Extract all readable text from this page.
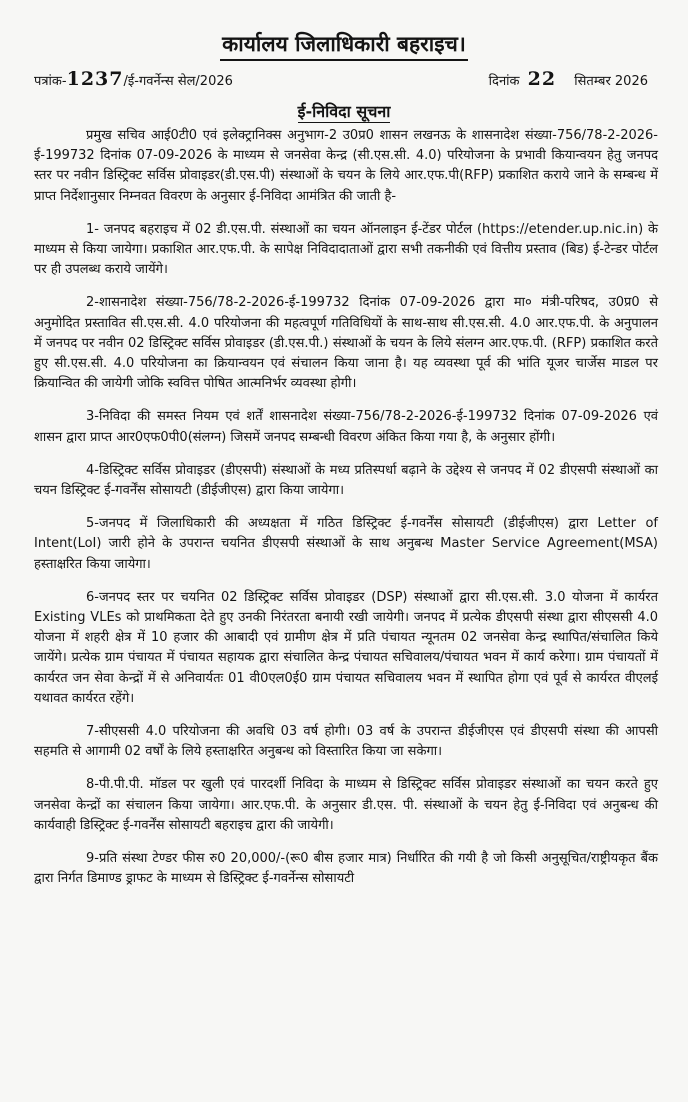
कार्यालय जिलाधिकारी बहराइच।
पत्रांक-1237/ई-गवर्नेन्स सेल/2026	दिनांक 22 सितम्बर 2026
ई-निविदा सूचना

प्रमुख सचिव आई0टी0 एवं इलेक्ट्रानिक्स अनुभाग-2 उ0प्र0 शासन लखनऊ के शासनादेश संख्या-756/78-2-2026-ई-199732 दिनांक 07-09-2026 के माध्यम से जनसेवा केन्द्र (सी.एस.सी. 4.0) परियोजना के प्रभावी कियान्वयन हेतु जनपद स्तर पर नवीन डिस्ट्रिक्ट सर्विस प्रोवाइडर(डी.एस.पी) संस्थाओं के चयन के लिये आर.एफ.पी(RFP) प्रकाशित कराये जाने के सम्बन्ध में प्राप्त निर्देशानुसार निम्नवत विवरण के अनुसार ई-निविदा आमंत्रित की जाती है-

1- जनपद बहराइच में 02 डी.एस.पी. संस्थाओं का चयन ऑनलाइन ई-टेंडर पोर्टल (https://etender.up.nic.in) के माध्यम से किया जायेगा। प्रकाशित आर.एफ.पी. के सापेक्ष निविदादाताओं द्वारा सभी तकनीकी एवं वित्तीय प्रस्ताव (बिड) ई-टेन्डर पोर्टल पर ही उपलब्ध कराये जायेंगे।

2-शासनादेश संख्या-756/78-2-2026-ई-199732 दिनांक 07-09-2026 द्वारा मा० मंत्री-परिषद, उ0प्र0 से अनुमोदित प्रस्तावित सी.एस.सी. 4.0 परियोजना की महत्वपूर्ण गतिविधियों के साथ-साथ सी.एस.सी. 4.0 आर.एफ.पी. के अनुपालन में जनपद पर नवीन 02 डिस्ट्रिक्ट सर्विस प्रोवाइडर (डी.एस.पी.) संस्थाओं के चयन के लिये संलग्न आर.एफ.पी. (RFP) प्रकाशित करते हुए सी.एस.सी. 4.0 परियोजना का क्रियान्वयन एवं संचालन किया जाना है। यह व्यवस्था पूर्व की भांति यूजर चार्जेस माडल पर क्रियान्वित की जायेगी जोकि स्ववित्त पोषित आत्मनिर्भर व्यवस्था होगी।

3-निविदा की समस्त नियम एवं शर्तें शासनादेश संख्या-756/78-2-2026-ई-199732 दिनांक 07-09-2026 एवं शासन द्वारा प्राप्त आर0एफ0पी0(संलग्न) जिसमें जनपद सम्बन्धी विवरण अंकित किया गया है, के अनुसार होंगी।

4-डिस्ट्रिक्ट सर्विस प्रोवाइडर (डीएसपी) संस्थाओं के मध्य प्रतिस्पर्धा बढ़ाने के उद्देश्य से जनपद में 02 डीएसपी संस्थाओं का चयन डिस्ट्रिक्ट ई-गवर्नेंस सोसायटी (डीईजीएस) द्वारा किया जायेगा।

5-जनपद में जिलाधिकारी की अध्यक्षता में गठित डिस्ट्रिक्ट ई-गवर्नेंस सोसायटी (डीईजीएस) द्वारा Letter of Intent(LoI) जारी होने के उपरान्त चयनित डीएसपी संस्थाओं के साथ अनुबन्ध Master Service Agreement(MSA) हस्ताक्षरित किया जायेगा।

6-जनपद स्तर पर चयनित 02 डिस्ट्रिक्ट सर्विस प्रोवाइडर (DSP) संस्थाओं द्वारा सी.एस.सी. 3.0 योजना में कार्यरत Existing VLEs को प्राथमिकता देते हुए उनकी निरंतरता बनायी रखी जायेगी। जनपद में प्रत्येक डीएसपी संस्था द्वारा सीएससी 4.0 योजना में शहरी क्षेत्र में 10 हजार की आबादी एवं ग्रामीण क्षेत्र में प्रति पंचायत न्यूनतम 02 जनसेवा केन्द्र स्थापित/संचालित किये जायेंगे। प्रत्येक ग्राम पंचायत में पंचायत सहायक द्वारा संचालित केन्द्र पंचायत सचिवालय/पंचायत भवन में कार्य करेगा। ग्राम पंचायतों में कार्यरत जन सेवा केन्द्रों में से अनिवार्यतः 01 वी0एल0ई0 ग्राम पंचायत सचिवालय भवन में स्थापित होगा एवं पूर्व से कार्यरत वीएलई यथावत कार्यरत रहेंगे।

7-सीएससी 4.0 परियोजना की अवधि 03 वर्ष होगी। 03 वर्ष के उपरान्त डीईजीएस एवं डीएसपी संस्था की आपसी सहमति से आगामी 02 वर्षों के लिये हस्ताक्षरित अनुबन्ध को विस्तारित किया जा सकेगा।

8-पी.पी.पी. मॉडल पर खुली एवं पारदर्शी निविदा के माध्यम से डिस्ट्रिक्ट सर्विस प्रोवाइडर संस्थाओं का चयन करते हुए जनसेवा केन्द्रों का संचालन किया जायेगा। आर.एफ.पी. के अनुसार डी.एस. पी. संस्थाओं के चयन हेतु ई-निविदा एवं अनुबन्ध की कार्यवाही डिस्ट्रिक्ट ई-गवर्नेंस सोसायटी बहराइच द्वारा की जायेगी।

9-प्रति संस्था टेण्डर फीस रु0 20,000/-(रू0 बीस हजार मात्र) निर्धारित की गयी है जो किसी अनुसूचित/राष्ट्रीयकृत बैंक द्वारा निर्गत डिमाण्ड ड्राफट के माध्यम से डिस्ट्रिक्ट ई-गवर्नेन्स सोसायटी
